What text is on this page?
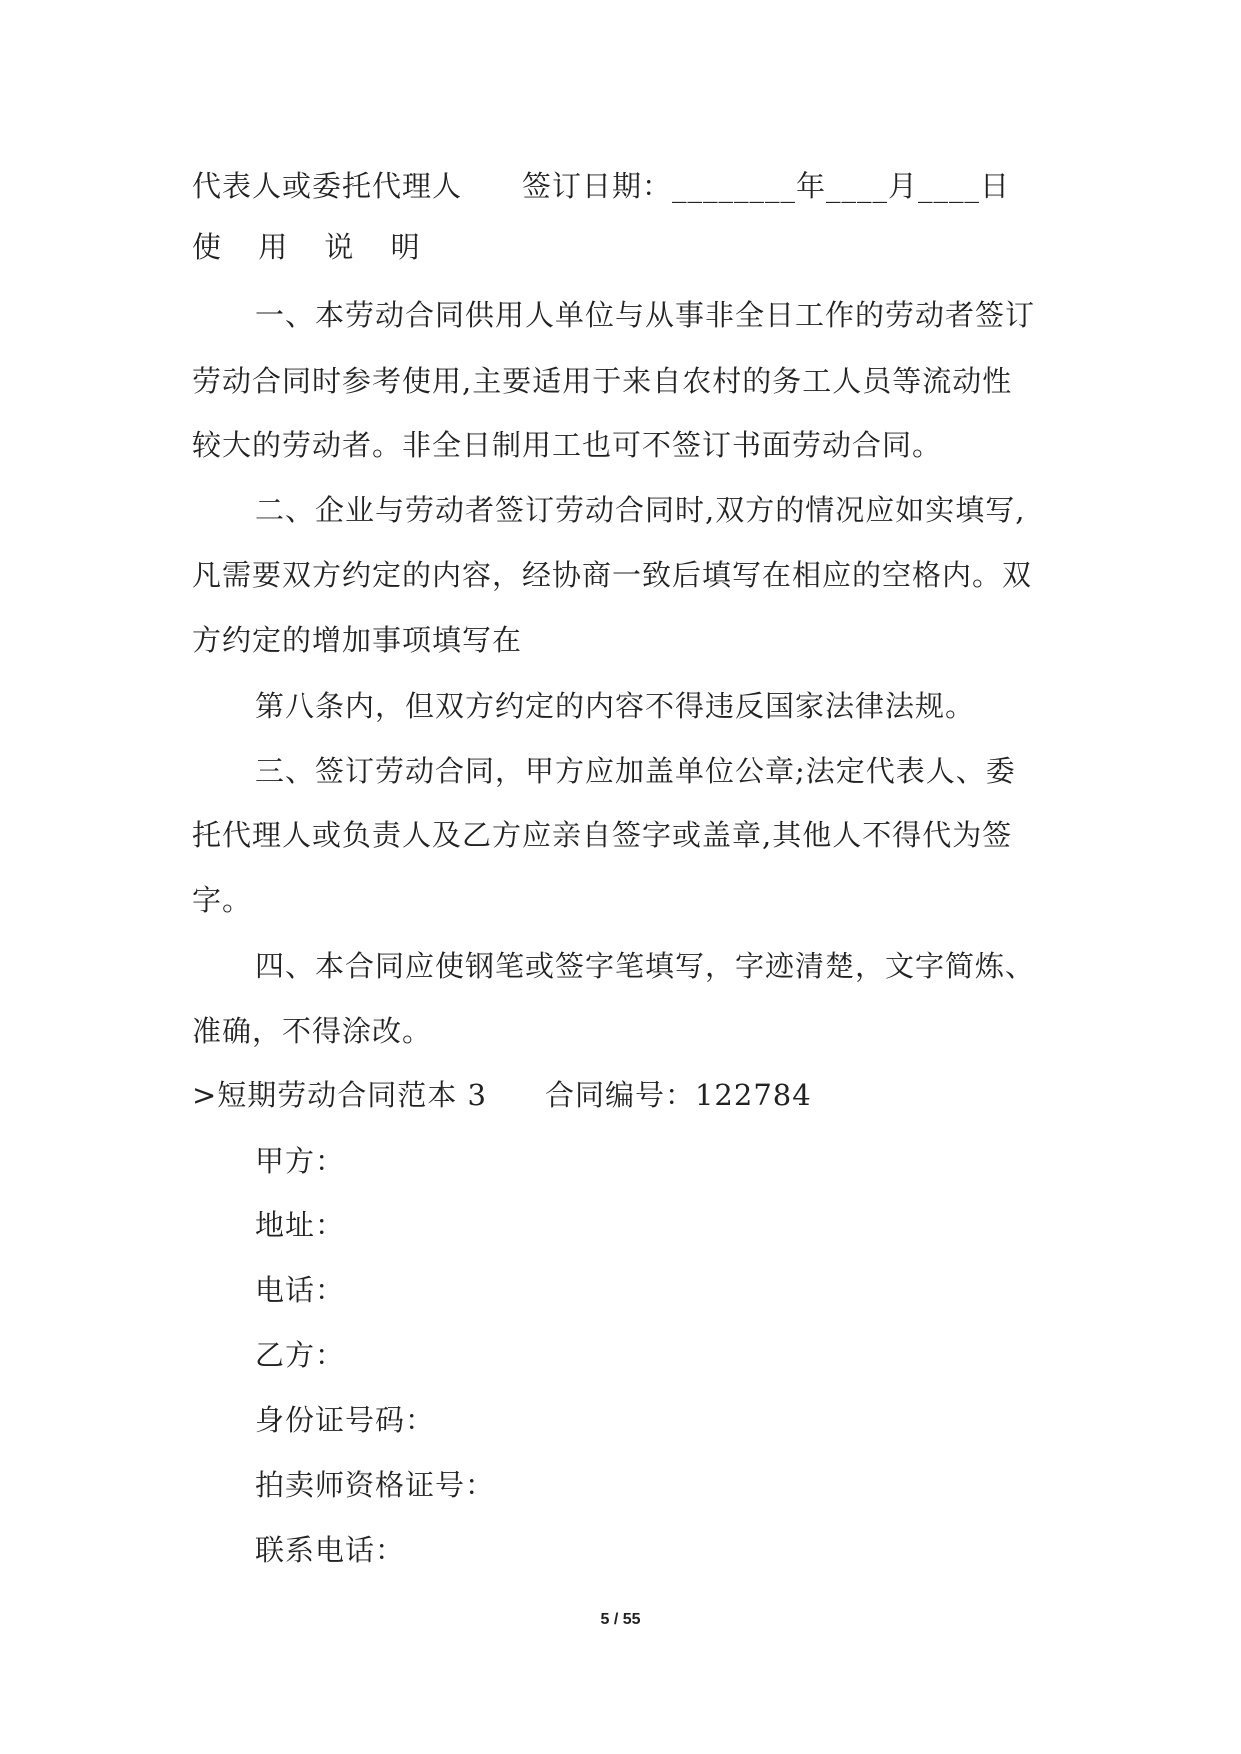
代表人或委托代理人 签订日期：________年____月____日
使 用 说 明
一、本劳动合同供用人单位与从事非全日工作的劳动者签订
劳动合同时参考使用,主要适用于来自农村的务工人员等流动性
较大的劳动者。非全日制用工也可不签订书面劳动合同。
二、企业与劳动者签订劳动合同时,双方的情况应如实填写,
凡需要双方约定的内容，经协商一致后填写在相应的空格内。双
方约定的增加事项填写在
第八条内，但双方约定的内容不得违反国家法律法规。
三、签订劳动合同，甲方应加盖单位公章;法定代表人、委
托代理人或负责人及乙方应亲自签字或盖章,其他人不得代为签
字。
四、本合同应使钢笔或签字笔填写，字迹清楚，文字简炼、
准确，不得涂改。
>短期劳动合同范本 3 合同编号：122784
甲方：
地址：
电话：
乙方：
身份证号码：
拍卖师资格证号：
联系电话：
5 / 55
